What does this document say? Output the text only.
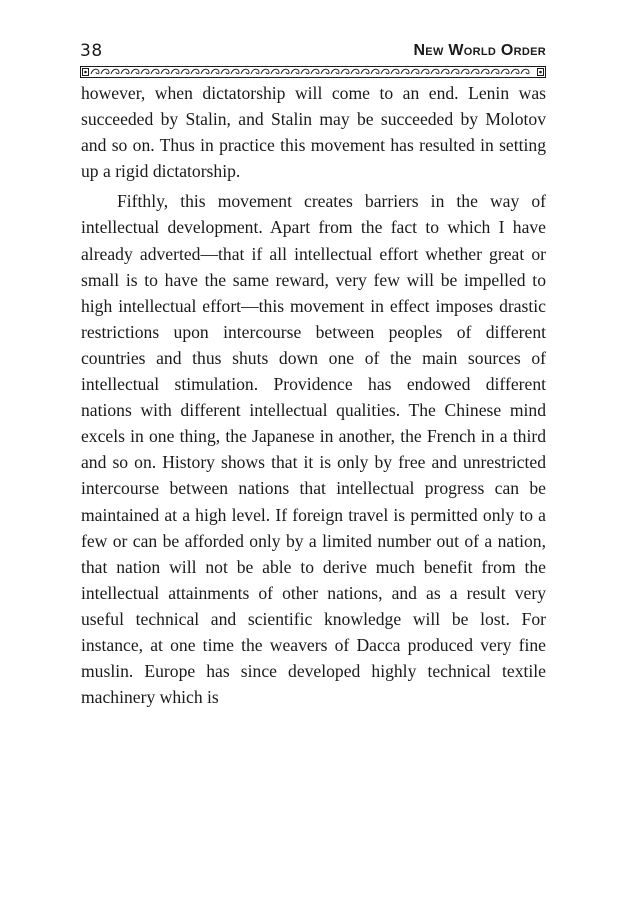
38	New World Order

however, when dictatorship will come to an end. Lenin was succeeded by Stalin, and Stalin may be succeeded by Molotov and so on. Thus in practice this movement has resulted in setting up a rigid dictatorship.

Fifthly, this movement creates barriers in the way of intellectual development. Apart from the fact to which I have already adverted—that if all intellectual effort whether great or small is to have the same reward, very few will be impelled to high intellectual effort—this movement in effect imposes drastic restrictions upon intercourse between peoples of different countries and thus shuts down one of the main sources of intellectual stimulation. Providence has endowed different nations with different intellectual qualities. The Chinese mind excels in one thing, the Japanese in another, the French in a third and so on. History shows that it is only by free and unrestricted intercourse between nations that intellectual progress can be maintained at a high level. If foreign travel is permitted only to a few or can be afforded only by a limited number out of a nation, that nation will not be able to derive much benefit from the intellectual attainments of other nations, and as a result very useful technical and scientific knowledge will be lost. For instance, at one time the weavers of Dacca produced very fine muslin. Europe has since developed highly technical textile machinery which is
